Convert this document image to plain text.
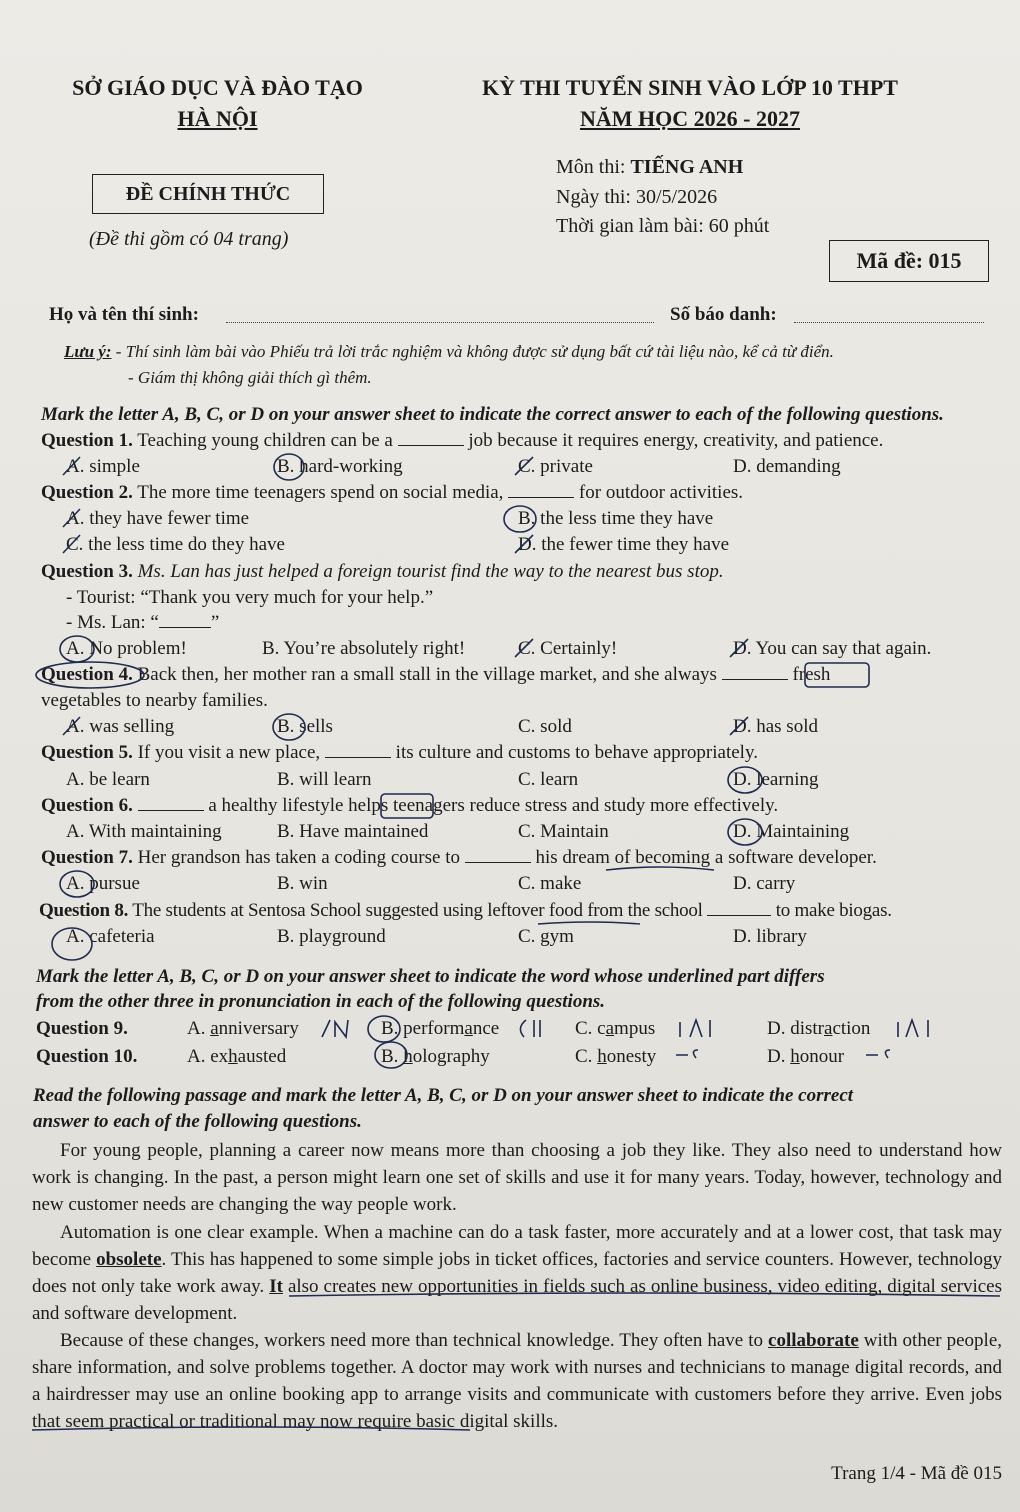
SỞ GIÁO DỤC VÀ ĐÀO TẠO
HÀ NỘI
KỲ THI TUYỂN SINH VÀO LỚP 10 THPT
NĂM HỌC 2026 - 2027
Môn thi: TIẾNG ANH
ĐỀ CHÍNH THỨC	Ngày thi: 30/5/2026
Thời gian làm bài: 60 phút
(Đề thi gồm có 04 trang)
Mã đề: 015
Họ và tên thí sinh:	Số báo danh:
Lưu ý: - Thí sinh làm bài vào Phiếu trả lời trắc nghiệm và không được sử dụng bất cứ tài liệu nào, kể cả từ điển.
- Giám thị không giải thích gì thêm.
Mark the letter A, B, C, or D on your answer sheet to indicate the correct answer to each of the following questions.
Question 1. Teaching young children can be a	job because it requires energy, creativity, and patience.
A. simple	B. hard-working	C. private	D. demanding
Question 2. The more time teenagers spend on social media,	for outdoor activities.
A. they have fewer time	B. the less time they have
C. the less time do they have	D. the fewer time they have
Question 3. Ms. Lan has just helped a foreign tourist find the way to the nearest bus stop.
- Tourist: “Thank you very much for your help.”
- Ms. Lan: “	”
A. No problem!	B. You’re absolutely right!	C. Certainly!	D. You can say that again.
Question 4. Back then, her mother ran a small stall in the village market, and she always	fresh
vegetables to nearby families.
A. was selling	B. sells	C. sold	D. has sold
Question 5. If you visit a new place,	its culture and customs to behave appropriately.
A. be learn	B. will learn	C. learn	D. learning
Question 6.	a healthy lifestyle helps teenagers reduce stress and study more effectively.
A. With maintaining	B. Have maintained	C. Maintain	D. Maintaining
Question 7. Her grandson has taken a coding course to	his dream of becoming a software developer.
A. pursue	B. win	C. make	D. carry
Question 8. The students at Sentosa School suggested using leftover food from the school	to make biogas.
A. cafeteria	B. playground	C. gym	D. library
Mark the letter A, B, C, or D on your answer sheet to indicate the word whose underlined part differs
from the other three in pronunciation in each of the following questions.
Question 9.	A. anniversary	B. performance	C. campus	D. distraction
Question 10.	A. exhausted	B. holography	C. honesty	D. honour
Read the following passage and mark the letter A, B, C, or D on your answer sheet to indicate the correct
answer to each of the following questions.
For young people, planning a career now means more than choosing a job they like. They also need to understand how work is changing. In the past, a person might learn one set of skills and use it for many years. Today, however, technology and new customer needs are changing the way people work.
Automation is one clear example. When a machine can do a task faster, more accurately and at a lower cost, that task may become obsolete. This has happened to some simple jobs in ticket offices, factories and service counters. However, technology does not only take work away. It also creates new opportunities in fields such as online business, video editing, digital services and software development.
Because of these changes, workers need more than technical knowledge. They often have to collaborate with other people, share information, and solve problems together. A doctor may work with nurses and technicians to manage digital records, and a hairdresser may use an online booking app to arrange visits and communicate with customers before they arrive. Even jobs that seem practical or traditional may now require basic digital skills.
Trang 1/4 - Mã đề 015
